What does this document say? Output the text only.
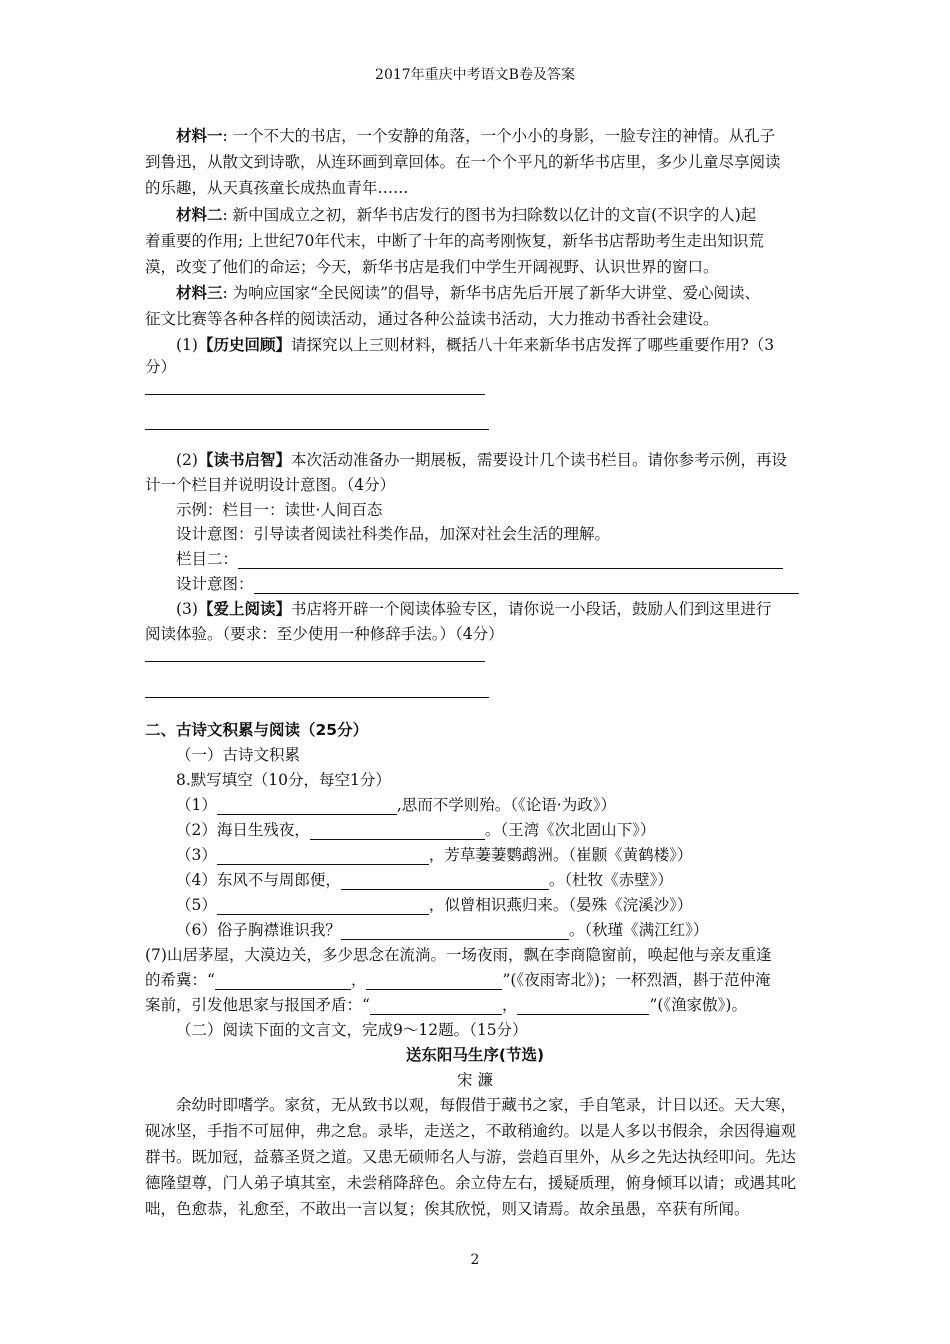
2017年重庆中考语文B卷及答案
材料一: 一个不大的书店，一个安静的角落，一个小小的身影，一脸专注的神情。从孔子
到鲁迅，从散文到诗歌，从连环画到章回体。在一个个平凡的新华书店里，多少儿童尽享阅读
的乐趣，从天真孩童长成热血青年……
材料二: 新中国成立之初，新华书店发行的图书为扫除数以亿计的文盲(不识字的人)起
着重要的作用; 上世纪70年代末，中断了十年的高考刚恢复，新华书店帮助考生走出知识荒
漠，改变了他们的命运；今天，新华书店是我们中学生开阔视野、认识世界的窗口。
材料三: 为响应国家“全民阅读”的倡导，新华书店先后开展了新华大讲堂、爱心阅读、
征文比赛等各种各样的阅读活动，通过各种公益读书活动，大力推动书香社会建设。
(1)【历史回顾】请探究以上三则材料，概括八十年来新华书店发挥了哪些重要作用?（3
分）
(2)【读书启智】本次活动准备办一期展板，需要设计几个读书栏目。请你参考示例，再设
计一个栏目并说明设计意图。（4分）
示例：栏目一：读世·人间百态
设计意图：引导读者阅读社科类作品，加深对社会生活的理解。
栏目二：
设计意图：
(3)【爱上阅读】书店将开辟一个阅读体验专区，请你说一小段话，鼓励人们到这里进行
阅读体验。（要求：至少使用一种修辞手法。）（4分）
二、古诗文积累与阅读（25分）
（一）古诗文积累
8.默写填空（10分，每空1分）
（1）	,思而不学则殆。（《论语·为政》）
（2）海日生残夜，	。（王湾《次北固山下》）
（3）	，芳草萋萋鹦鹉洲。（崔颢《黄鹤楼》）
（4）东风不与周郎便，	。（杜牧《赤壁》）
（5）	，似曾相识燕归来。（晏殊《浣溪沙》）
（6）俗子胸襟谁识我？	。（秋瑾《满江红》）
(7)山居茅屋，大漠边关，多少思念在流淌。一场夜雨，飘在李商隐窗前，唤起他与亲友重逢
的希冀：“	，	”(《夜雨寄北》)；一杯烈酒，斟于范仲淹
案前，引发他思家与报国矛盾：“	，	”(《渔家傲》)。
（二）阅读下面的文言文，完成9～12题。（15分）
送东阳马生序(节选)
宋 濂
余幼时即嗜学。家贫，无从致书以观，每假借于藏书之家，手自笔录，计日以还。天大寒，
砚冰坚，手指不可屈伸，弗之怠。录毕，走送之，不敢稍逾约。以是人多以书假余，余因得遍观
群书。既加冠，益慕圣贤之道。又患无硕师名人与游，尝趋百里外，从乡之先达执经叩问。先达
德隆望尊，门人弟子填其室，未尝稍降辞色。余立侍左右，援疑质理，俯身倾耳以请；或遇其叱
咄，色愈恭，礼愈至，不敢出一言以复；俟其欣悦，则又请焉。故余虽愚，卒获有所闻。
2
